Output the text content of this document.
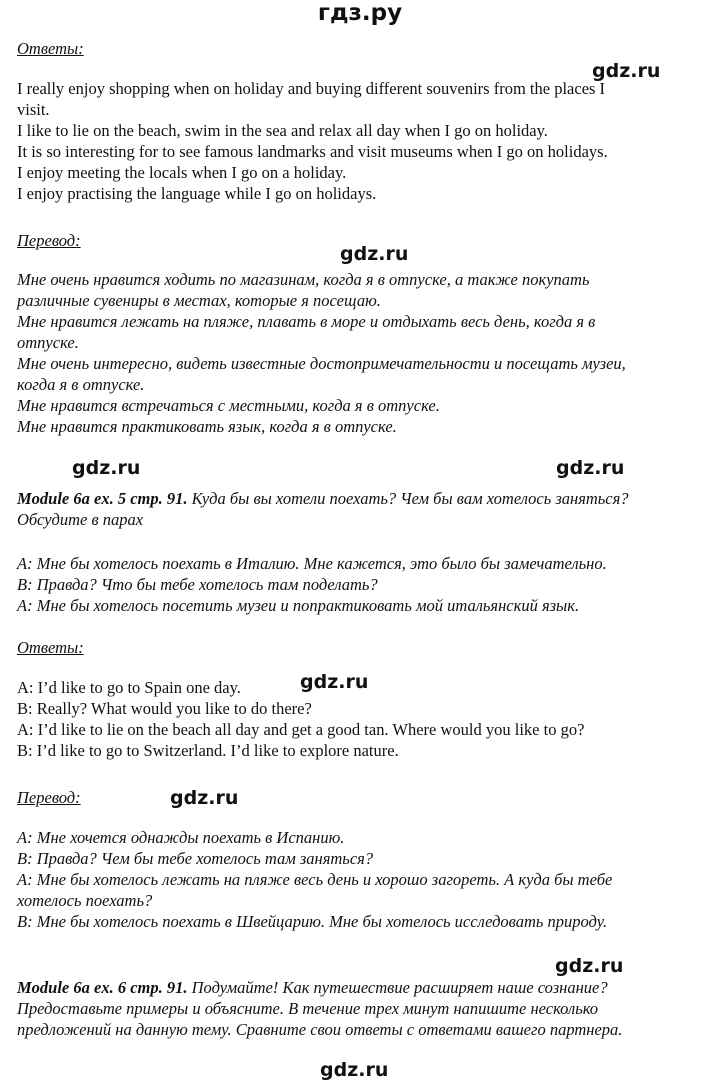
гдз.ру
Ответы:
I really enjoy shopping when on holiday and buying different souvenirs from the places I
visit.
I like to lie on the beach, swim in the sea and relax all day when I go on holiday.
It is so interesting for to see famous landmarks and visit museums when I go on holidays.
I enjoy meeting the locals when I go on a holiday.
I enjoy practising the language while I go on holidays.
Перевод:
Мне очень нравится ходить по магазинам, когда я в отпуске, а также покупать
различные сувениры в местах, которые я посещаю.
Мне нравится лежать на пляже, плавать в море и отдыхать весь день, когда я в
отпуске.
Мне очень интересно, видеть известные достопримечательности и посещать музеи,
когда я в отпуске.
Мне нравится встречаться с местными, когда я в отпуске.
Мне нравится практиковать язык, когда я в отпуске.
Module 6a ex. 5 стр. 91. Куда бы вы хотели поехать? Чем бы вам хотелось заняться?
Обсудите в парах
A: Мне бы хотелось поехать в Италию. Мне кажется, это было бы замечательно.
B: Правда? Что бы тебе хотелось там поделать?
A: Мне бы хотелось посетить музеи и попрактиковать мой итальянский язык.
Ответы:
A: I’d like to go to Spain one day.
B: Really? What would you like to do there?
A: I’d like to lie on the beach all day and get a good tan. Where would you like to go?
B: I’d like to go to Switzerland. I’d like to explore nature.
Перевод:
A: Мне хочется однажды поехать в Испанию.
B: Правда? Чем бы тебе хотелось там заняться?
A: Мне бы хотелось лежать на пляже весь день и хорошо загореть. А куда бы тебе
хотелось поехать?
B: Мне бы хотелось поехать в Швейцарию. Мне бы хотелось исследовать природу.
Module 6a ex. 6 стр. 91. Подумайте! Как путешествие расширяет наше сознание?
Предоставьте примеры и объясните. В течение трех минут напишите несколько
предложений на данную тему. Сравните свои ответы с ответами вашего партнера.
gdz.ru
gdz.ru
gdz.ru	gdz.ru
gdz.ru
gdz.ru
gdz.ru
gdz.ru
